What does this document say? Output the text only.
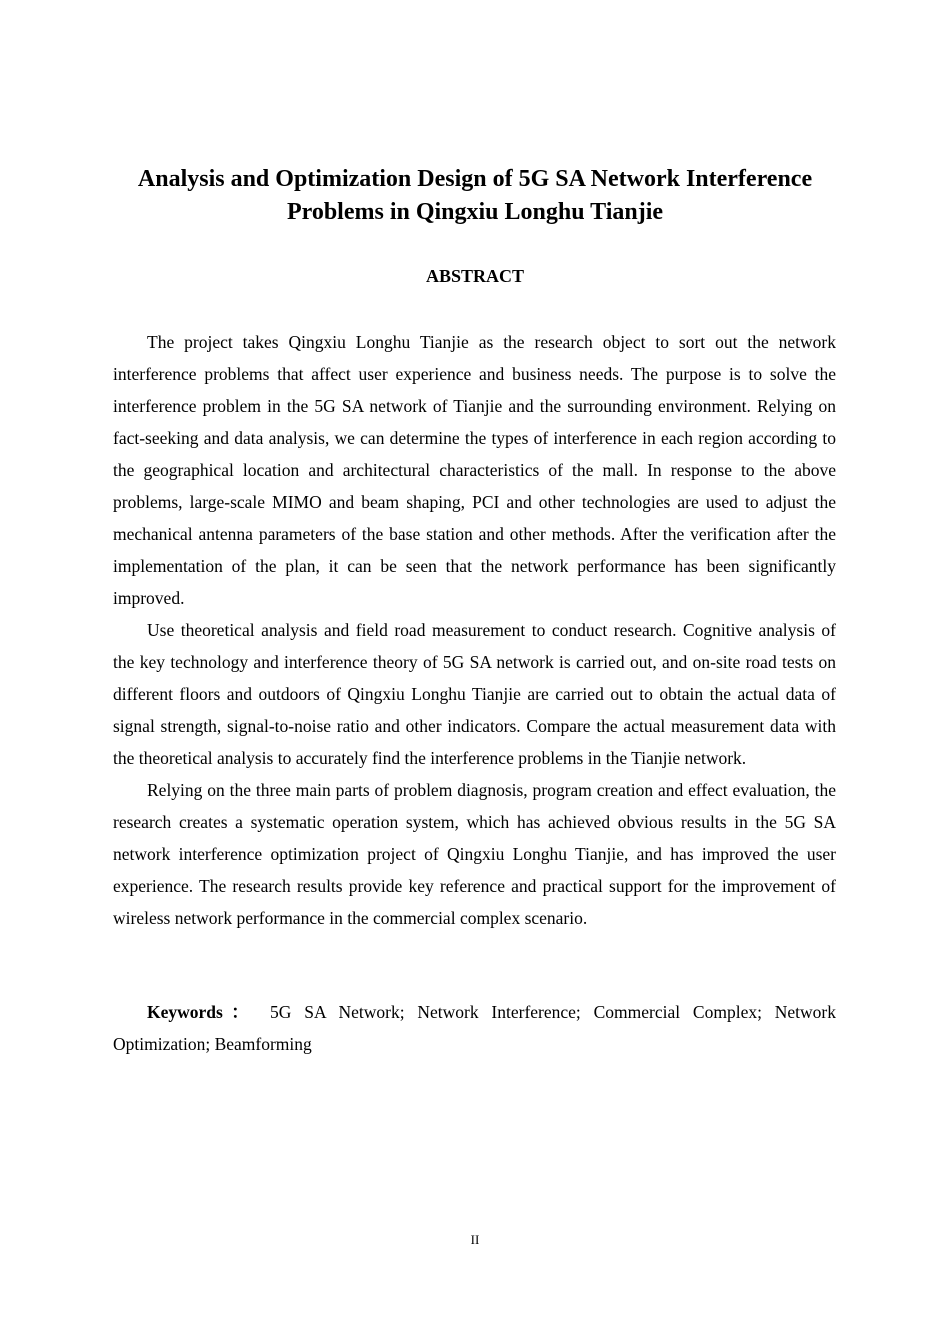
Analysis and Optimization Design of 5G SA Network Interference
Problems in Qingxiu Longhu Tianjie
ABSTRACT

The project takes Qingxiu Longhu Tianjie as the research object to sort out the network interference problems that affect user experience and business needs. The purpose is to solve the interference problem in the 5G SA network of Tianjie and the surrounding environment. Relying on fact-seeking and data analysis, we can determine the types of interference in each region according to the geographical location and architectural characteristics of the mall. In response to the above problems, large-scale MIMO and beam shaping, PCI and other technologies are used to adjust the mechanical antenna parameters of the base station and other methods. After the verification after the implementation of the plan, it can be seen that the network performance has been significantly improved.

Use theoretical analysis and field road measurement to conduct research. Cognitive analysis of the key technology and interference theory of 5G SA network is carried out, and on-site road tests on different floors and outdoors of Qingxiu Longhu Tianjie are carried out to obtain the actual data of signal strength, signal-to-noise ratio and other indicators. Compare the actual measurement data with the theoretical analysis to accurately find the interference problems in the Tianjie network.

Relying on the three main parts of problem diagnosis, program creation and effect evaluation, the research creates a systematic operation system, which has achieved obvious results in the 5G SA network interference optimization project of Qingxiu Longhu Tianjie, and has improved the user experience. The research results provide key reference and practical support for the improvement of wireless network performance in the commercial complex scenario.

Keywords： 5G SA Network; Network Interference; Commercial Complex; Network Optimization; Beamforming

II
